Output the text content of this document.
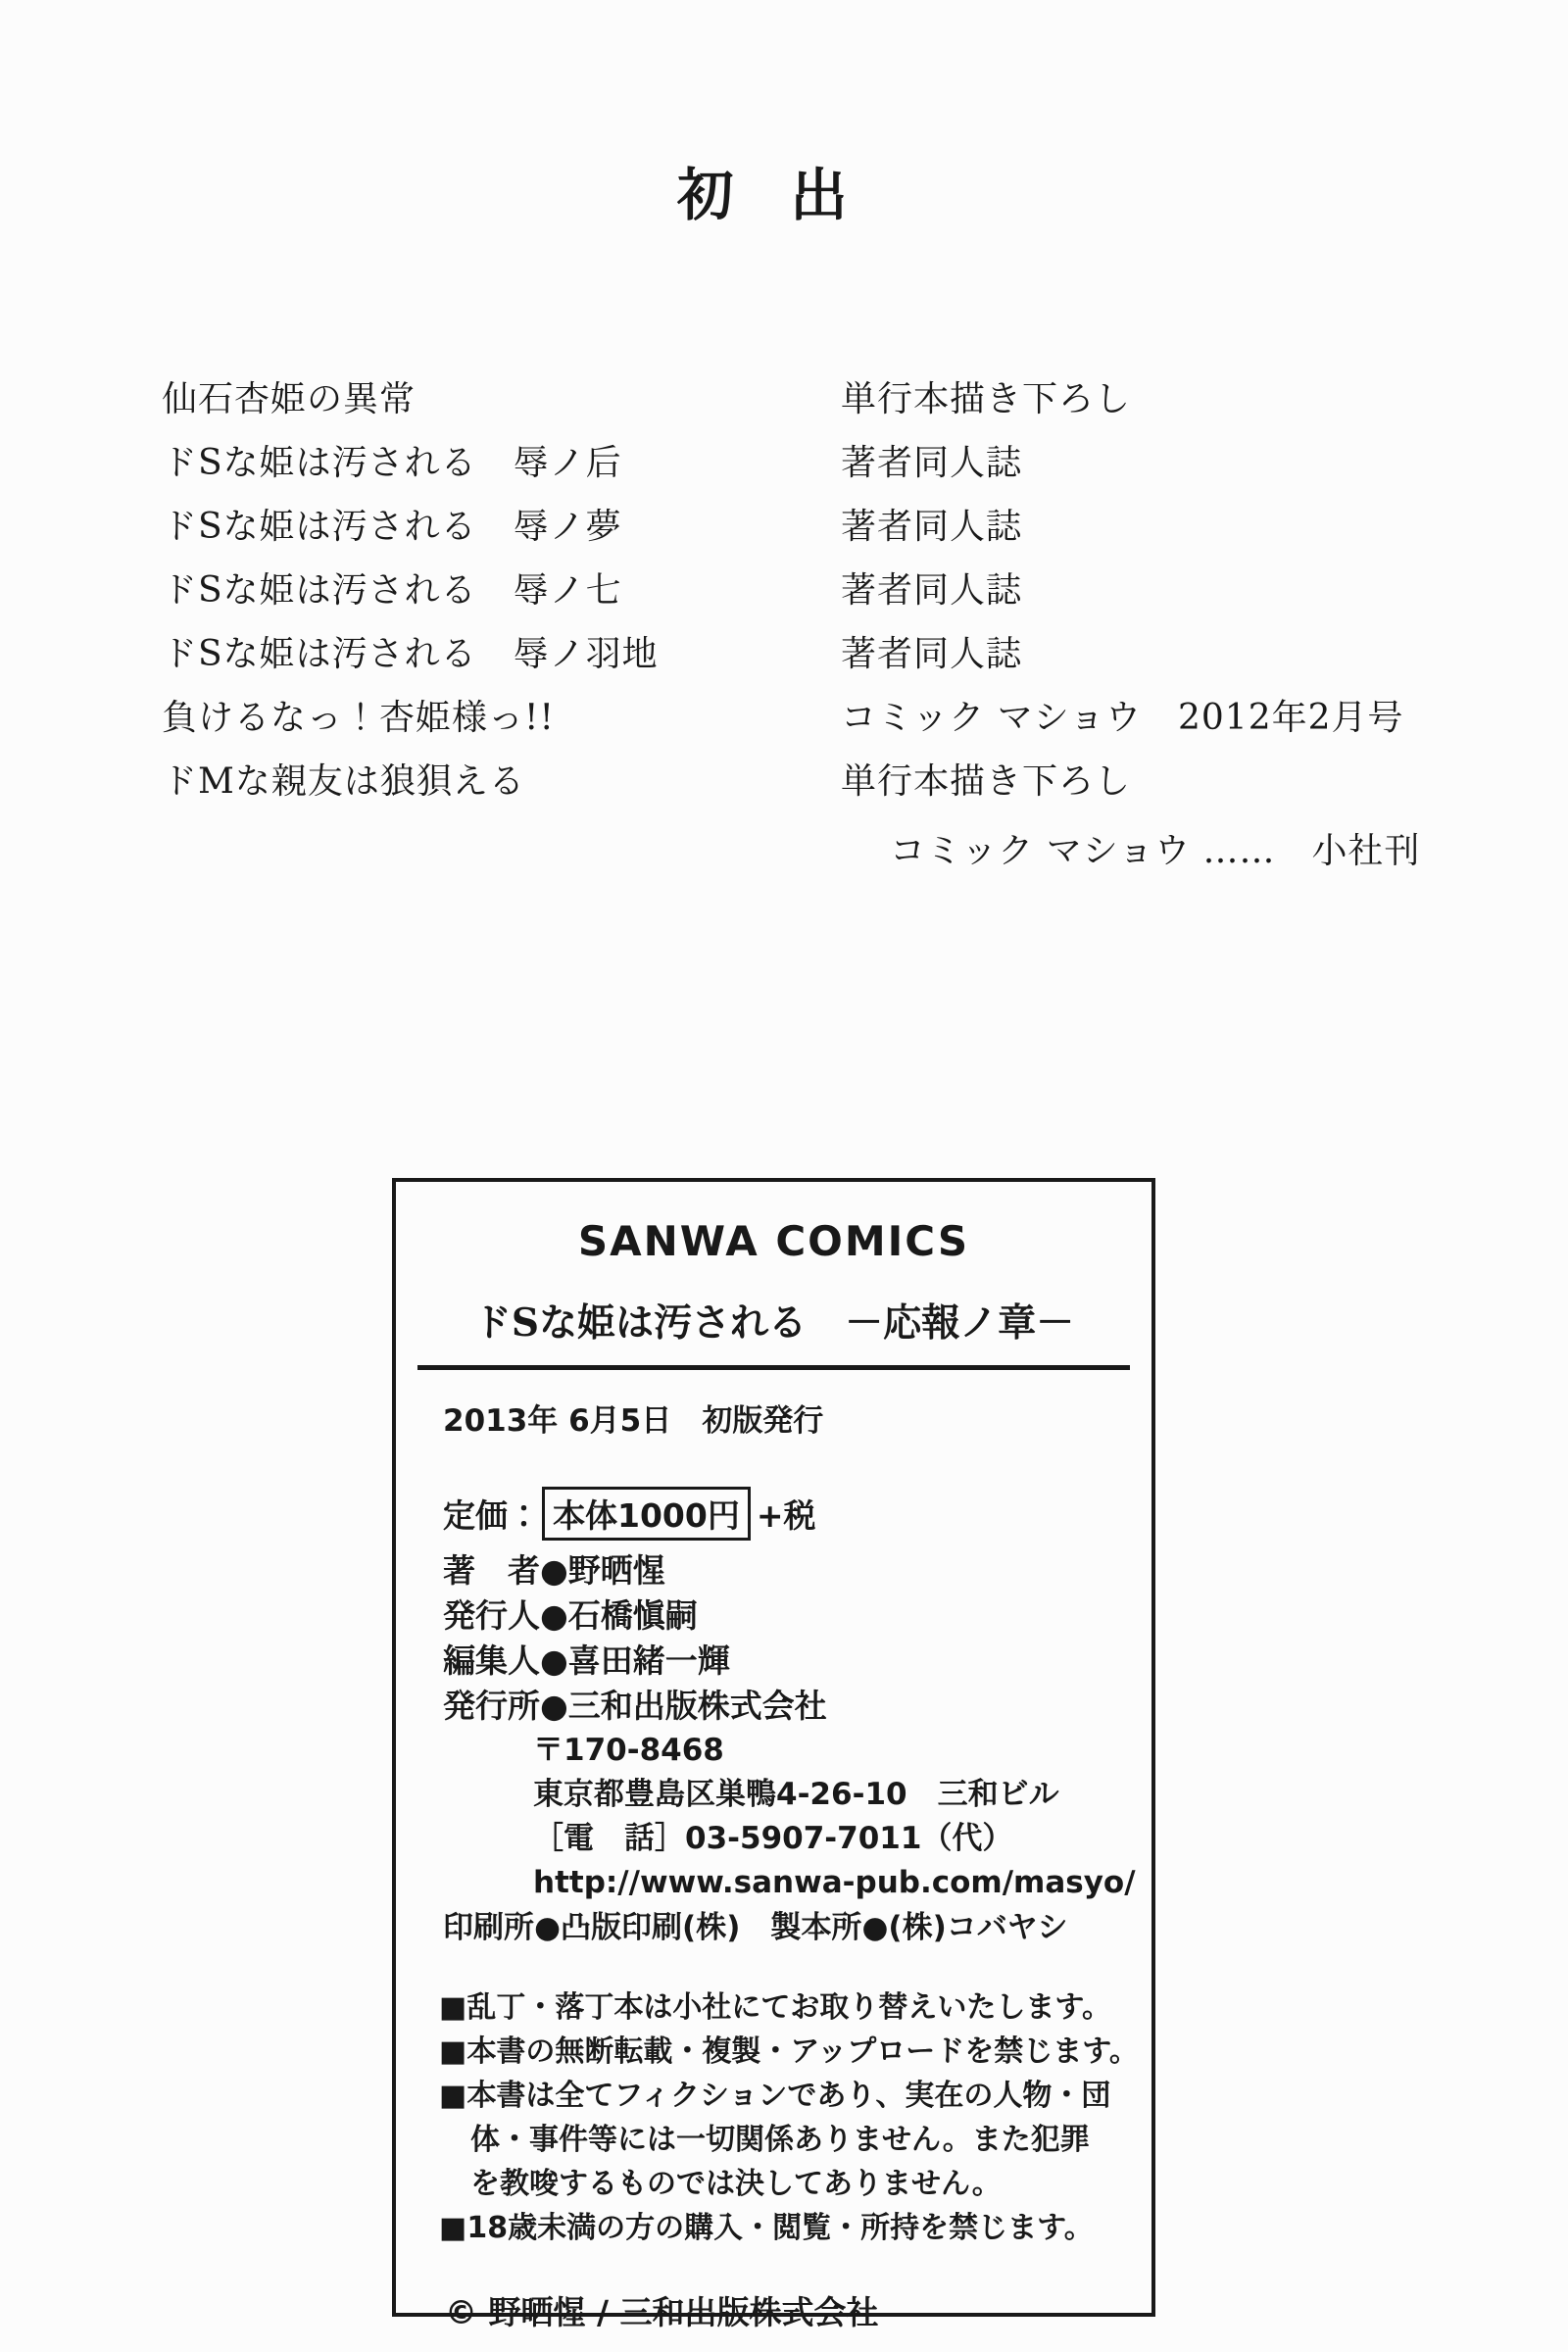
初　出
仙石杏姫の異常	単行本描き下ろし
ドSな姫は汚される　辱ノ后	著者同人誌
ドSな姫は汚される　辱ノ夢	著者同人誌
ドSな姫は汚される　辱ノ七	著者同人誌
ドSな姫は汚される　辱ノ羽地	著者同人誌
負けるなっ！杏姫様っ!!	コミック マショウ　2012年2月号
ドMな親友は狼狽える	単行本描き下ろし
コミック マショウ ……　小社刊
SANWA COMICS
ドSな姫は汚される　－応報ノ章－
2013年 6月5日　初版発行
定価： 本体1000円 +税
著　者●野晒惺
発行人●石橋愼嗣
編集人●喜田緒一輝
発行所●三和出版株式会社
〒170-8468
東京都豊島区巣鴨4-26-10　三和ビル
［電　話］03-5907-7011（代）
http://www.sanwa-pub.com/masyo/
印刷所●凸版印刷(株)　製本所●(株)コバヤシ
■乱丁・落丁本は小社にてお取り替えいたします。
■本書の無断転載・複製・アップロードを禁じます。
■本書は全てフィクションであり、実在の人物・団
体・事件等には一切関係ありません。また犯罪
を教唆するものでは決してありません。
■18歳未満の方の購入・閲覧・所持を禁じます。
© 野晒惺 / 三和出版株式会社
